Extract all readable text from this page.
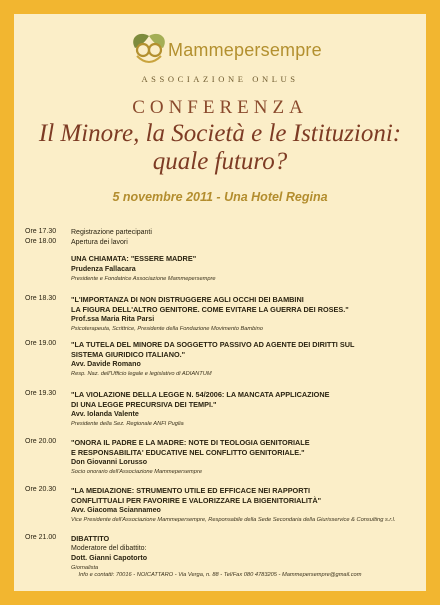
Mammepersempre
ASSOCIAZIONE ONLUS
CONFERENZA
Il Minore, la Società e le Istituzioni:
quale futuro?
5 novembre 2011 - Una Hotel Regina
Ore 17.30 Registrazione partecipanti
Ore 18.00 Apertura dei lavori
UNA CHIAMATA: "ESSERE MADRE"
Prudenza Fallacara
Presidente e Fondatrice Associazione Mammepersempre
Ore 18.30 "L'IMPORTANZA DI NON DISTRUGGERE AGLI OCCHI DEI BAMBINI
LA FIGURA DELL'ALTRO GENITORE. COME EVITARE LA GUERRA DEI ROSES."
Prof.ssa Maria Rita Parsi
Psicoterapeuta, Scrittrice, Presidente della Fondazione Movimento Bambino
Ore 19.00 "LA TUTELA DEL MINORE DA SOGGETTO PASSIVO AD AGENTE DEI DIRITTI SUL
SISTEMA GIURIDICO ITALIANO."
Avv. Davide Romano
Resp. Naz. dell'Ufficio legale e legislativo di ADIANTUM
Ore 19.30 "LA VIOLAZIONE DELLA LEGGE N. 54/2006: LA MANCATA APPLICAZIONE
DI UNA LEGGE PRECURSIVA DEI TEMPI."
Avv. Iolanda Valente
Presidente della Sez. Regionale ANFI Puglia
Ore 20.00 "ONORA IL PADRE E LA MADRE: NOTE DI TEOLOGIA GENITORIALE
E RESPONSABILITA' EDUCATIVE NEL CONFLITTO GENITORIALE."
Don Giovanni Lorusso
Socio onorario dell'Associazione Mammepersempre
Ore 20.30 "LA MEDIAZIONE: STRUMENTO UTILE ED EFFICACE NEI RAPPORTI
CONFLITTUALI PER FAVORIRE E VALORIZZARE LA BIGENITORIALITÀ"
Avv. Giacoma Sciannameo
Vice Presidente dell'Associazione Mammepersempre, Responsabile della Sede Secondaria della Giurisservice & Consulting s.r.l.
Ore 21.00 DIBATTITO
Moderatore del dibattito:
Dott. Gianni Capotorto
Giornalista
Info e contatti: 70016 - NOICATTARO - Via Verga, n. 88 - Tel/Fax 080 4783205 - Mammepersempre@gmail.com
